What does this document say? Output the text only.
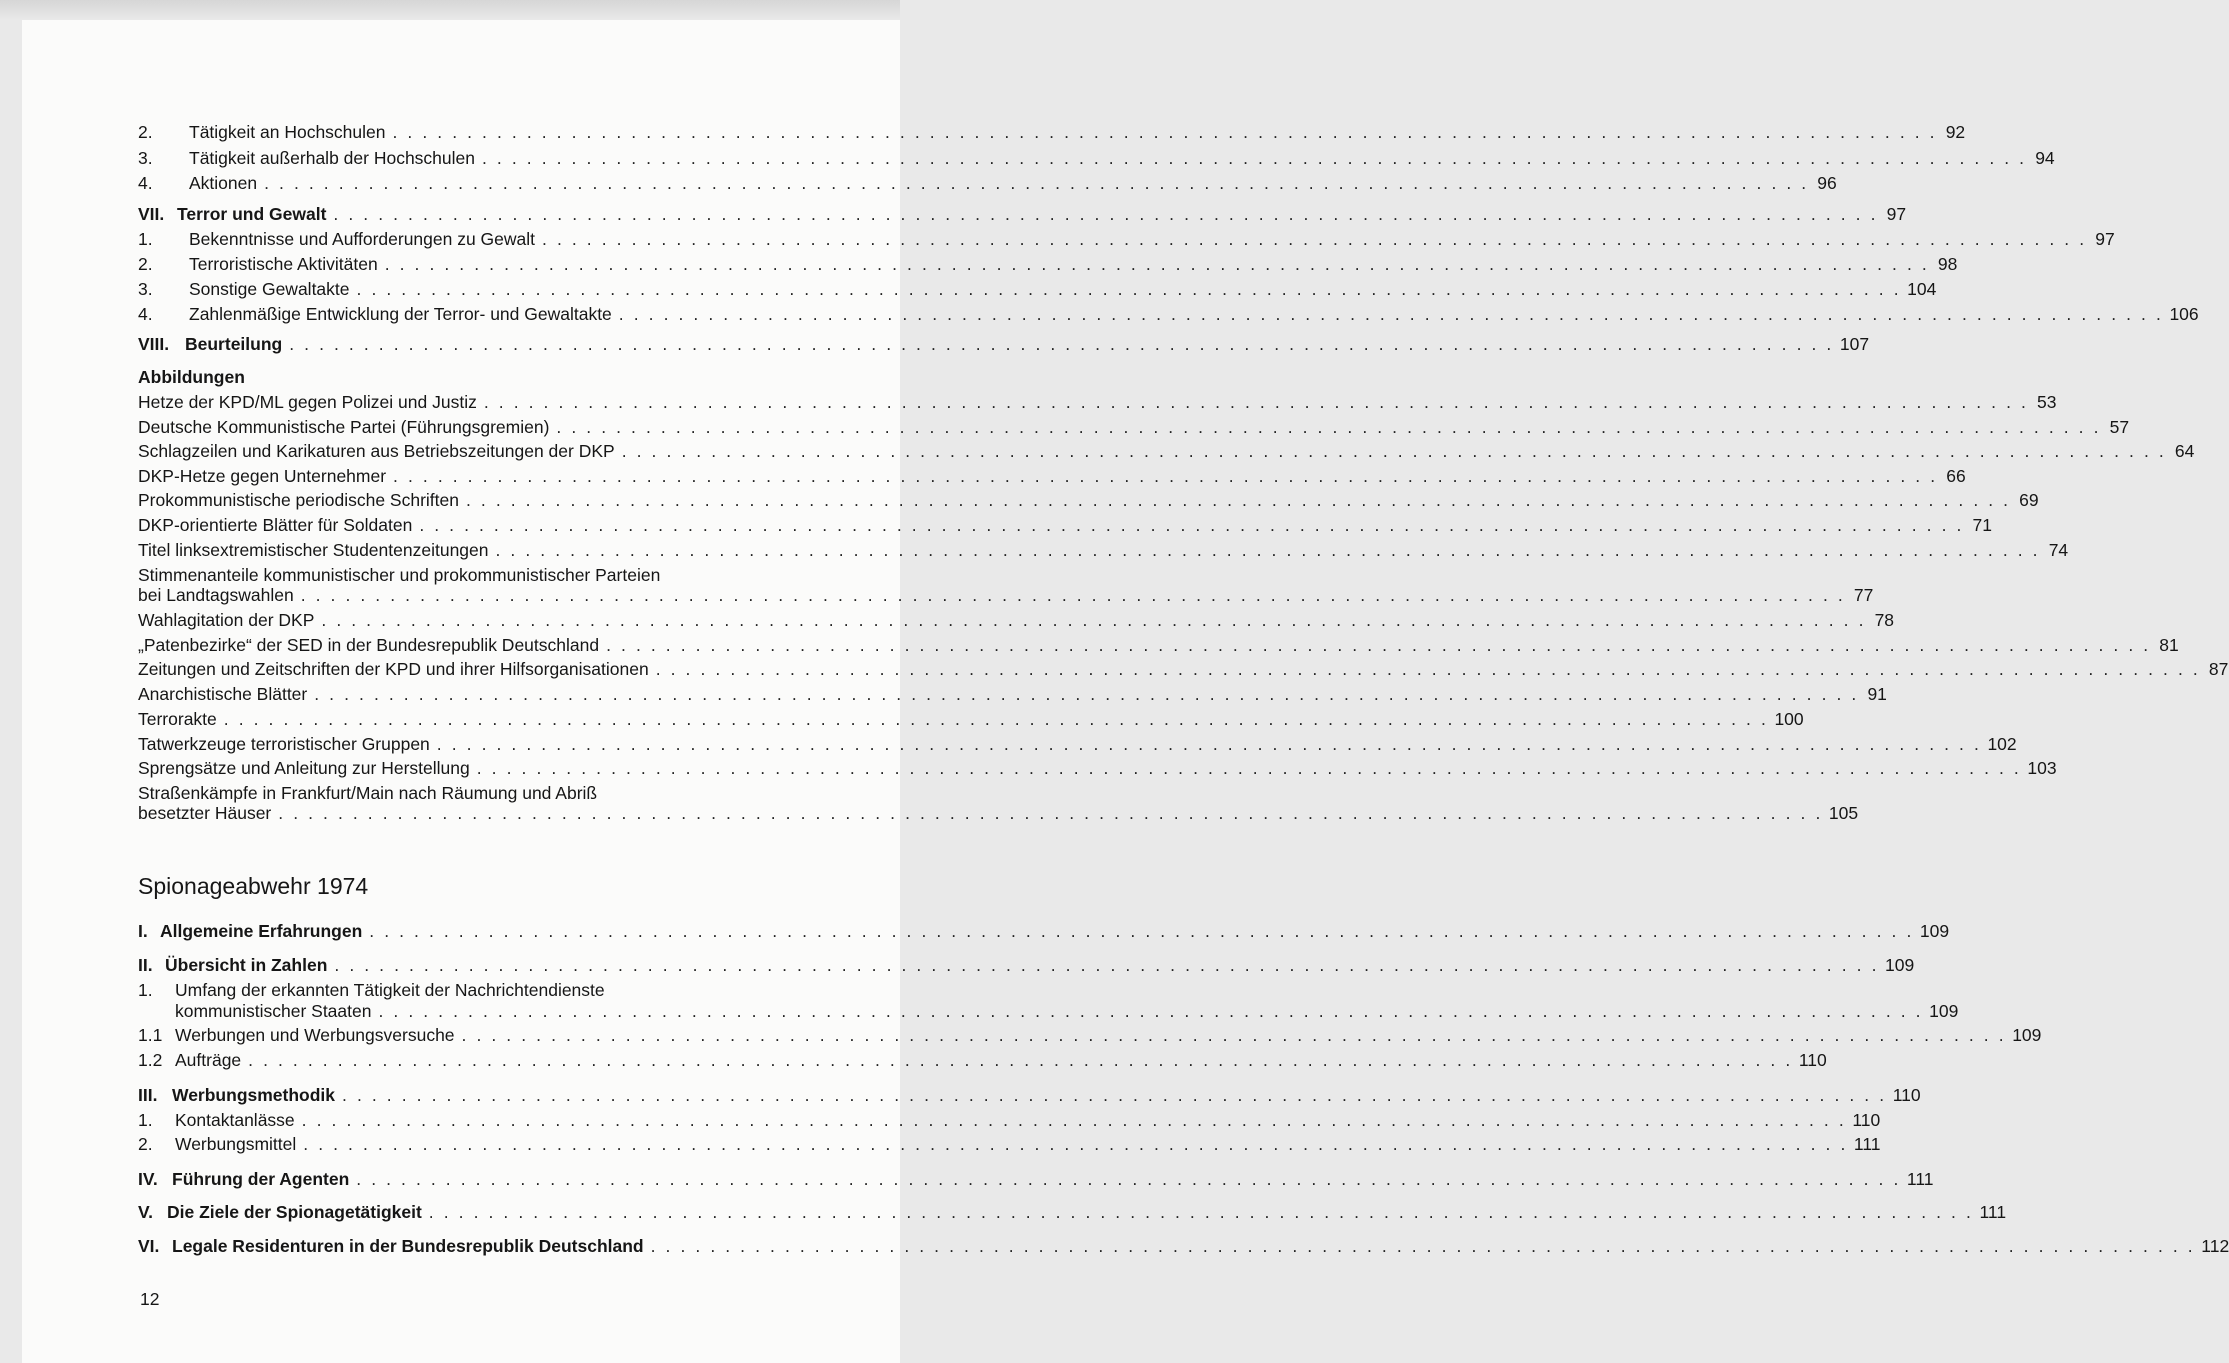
2.	Tätigkeit an Hochschulen . . . . . . . . . . . . . . . . . . . . . . . . . . . . . . . . . . . . . . . . . . . . . . . . . . . . . . . . . . . . . . . . . . . . . . . . . . . . . . . . . . . . . . . . . . . . . . . . . . . . . . . . 92
3.	Tätigkeit außerhalb der Hochschulen . . . . . . . . . . . . . . . . . . . . . . . . . . . . . . . . . . . . . . . . . . . . . . . . . . . . . . . . . . . . . . . . . . . . . . . . . . . . . . . . . . . . . . . . . . . . . . . . . . . . . . . . 94
4.	Aktionen . . . . . . . . . . . . . . . . . . . . . . . . . . . . . . . . . . . . . . . . . . . . . . . . . . . . . . . . . . . . . . . . . . . . . . . . . . . . . . . . . . . . . . . . . . . . . . . . . . . . . . . . 96
VII. Terror und Gewalt . . . . . . . . . . . . . . . . . . . . . . . . . . . . . . . . . . . . . . . . . . . . . . . . . . . . . . . . . . . . . . . . . . . . . . . . . . . . . . . . . . . . . . . . . . . . . . . . . . . . . . . . 97
1.	Bekenntnisse und Aufforderungen zu Gewalt . . . . . . . . . . . . . . . . . . . . . . . . . . . . . . . . . . . . . . . . . . . . . . . . . . . . . . . . . . . . . . . . . . . . . . . . . . . . . . . . . . . . . . . . . . . . . . . . . . . . . . . . 97
2.	Terroristische Aktivitäten . . . . . . . . . . . . . . . . . . . . . . . . . . . . . . . . . . . . . . . . . . . . . . . . . . . . . . . . . . . . . . . . . . . . . . . . . . . . . . . . . . . . . . . . . . . . . . . . . . . . . . . . 98
3.	Sonstige Gewaltakte . . . . . . . . . . . . . . . . . . . . . . . . . . . . . . . . . . . . . . . . . . . . . . . . . . . . . . . . . . . . . . . . . . . . . . . . . . . . . . . . . . . . . . . . . . . . . . . . . . . . . . . . 104
4.	Zahlenmäßige Entwicklung der Terror- und Gewaltakte . . . . . . . . . . . . . . . . . . . . . . . . . . . . . . . . . . . . . . . . . . . . . . . . . . . . . . . . . . . . . . . . . . . . . . . . . . . . . . . . . . . . . . . . . . . . . . . . . . . . . . . . 106
VIII. Beurteilung . . . . . . . . . . . . . . . . . . . . . . . . . . . . . . . . . . . . . . . . . . . . . . . . . . . . . . . . . . . . . . . . . . . . . . . . . . . . . . . . . . . . . . . . . . . . . . . . . . . . . . . . 107
Abbildungen
Hetze der KPD/ML gegen Polizei und Justiz . . . . . . . . . . . . . . . . . . . . . . . . . . . . . . . . . . . . . . . . . . . . . . . . . . . . . . . . . . . . . . . . . . . . . . . . . . . . . . . . . . . . . . . . . . . . . . . . . . . . . . . . 53
Deutsche Kommunistische Partei (Führungsgremien) . . . . . . . . . . . . . . . . . . . . . . . . . . . . . . . . . . . . . . . . . . . . . . . . . . . . . . . . . . . . . . . . . . . . . . . . . . . . . . . . . . . . . . . . . . . . . . . . . . . . . . . . 57
Schlagzeilen und Karikaturen aus Betriebszeitungen der DKP . . . . . . . . . . . . . . . . . . . . . . . . . . . . . . . . . . . . . . . . . . . . . . . . . . . . . . . . . . . . . . . . . . . . . . . . . . . . . . . . . . . . . . . . . . . . . . . . . . . . . . . . 64
DKP-Hetze gegen Unternehmer . . . . . . . . . . . . . . . . . . . . . . . . . . . . . . . . . . . . . . . . . . . . . . . . . . . . . . . . . . . . . . . . . . . . . . . . . . . . . . . . . . . . . . . . . . . . . . . . . . . . . . . . 66
Prokommunistische periodische Schriften . . . . . . . . . . . . . . . . . . . . . . . . . . . . . . . . . . . . . . . . . . . . . . . . . . . . . . . . . . . . . . . . . . . . . . . . . . . . . . . . . . . . . . . . . . . . . . . . . . . . . . . . 69
DKP-orientierte Blätter für Soldaten . . . . . . . . . . . . . . . . . . . . . . . . . . . . . . . . . . . . . . . . . . . . . . . . . . . . . . . . . . . . . . . . . . . . . . . . . . . . . . . . . . . . . . . . . . . . . . . . . . . . . . . . 71
Titel linksextremistischer Studentenzeitungen . . . . . . . . . . . . . . . . . . . . . . . . . . . . . . . . . . . . . . . . . . . . . . . . . . . . . . . . . . . . . . . . . . . . . . . . . . . . . . . . . . . . . . . . . . . . . . . . . . . . . . . . 74
Stimmenanteile kommunistischer und prokommunistischer Parteien
bei Landtagswahlen . . . . . . . . . . . . . . . . . . . . . . . . . . . . . . . . . . . . . . . . . . . . . . . . . . . . . . . . . . . . . . . . . . . . . . . . . . . . . . . . . . . . . . . . . . . . . . . . . . . . . . . . 77
Wahlagitation der DKP . . . . . . . . . . . . . . . . . . . . . . . . . . . . . . . . . . . . . . . . . . . . . . . . . . . . . . . . . . . . . . . . . . . . . . . . . . . . . . . . . . . . . . . . . . . . . . . . . . . . . . . . 78
„Patenbezirke“ der SED in der Bundesrepublik Deutschland . . . . . . . . . . . . . . . . . . . . . . . . . . . . . . . . . . . . . . . . . . . . . . . . . . . . . . . . . . . . . . . . . . . . . . . . . . . . . . . . . . . . . . . . . . . . . . . . . . . . . . . . 81
Zeitungen und Zeitschriften der KPD und ihrer Hilfsorganisationen . . . . . . . . . . . . . . . . . . . . . . . . . . . . . . . . . . . . . . . . . . . . . . . . . . . . . . . . . . . . . . . . . . . . . . . . . . . . . . . . . . . . . . . . . . . . . . . . . . . . . . . . 87
Anarchistische Blätter . . . . . . . . . . . . . . . . . . . . . . . . . . . . . . . . . . . . . . . . . . . . . . . . . . . . . . . . . . . . . . . . . . . . . . . . . . . . . . . . . . . . . . . . . . . . . . . . . . . . . . . . 91
Terrorakte . . . . . . . . . . . . . . . . . . . . . . . . . . . . . . . . . . . . . . . . . . . . . . . . . . . . . . . . . . . . . . . . . . . . . . . . . . . . . . . . . . . . . . . . . . . . . . . . . . . . . . . . 100
Tatwerkzeuge terroristischer Gruppen . . . . . . . . . . . . . . . . . . . . . . . . . . . . . . . . . . . . . . . . . . . . . . . . . . . . . . . . . . . . . . . . . . . . . . . . . . . . . . . . . . . . . . . . . . . . . . . . . . . . . . . . 102
Sprengsätze und Anleitung zur Herstellung . . . . . . . . . . . . . . . . . . . . . . . . . . . . . . . . . . . . . . . . . . . . . . . . . . . . . . . . . . . . . . . . . . . . . . . . . . . . . . . . . . . . . . . . . . . . . . . . . . . . . . . . 103
Straßenkämpfe in Frankfurt/Main nach Räumung und Abriß
besetzter Häuser . . . . . . . . . . . . . . . . . . . . . . . . . . . . . . . . . . . . . . . . . . . . . . . . . . . . . . . . . . . . . . . . . . . . . . . . . . . . . . . . . . . . . . . . . . . . . . . . . . . . . . . . 105
Spionageabwehr 1974
I. Allgemeine Erfahrungen . . . . . . . . . . . . . . . . . . . . . . . . . . . . . . . . . . . . . . . . . . . . . . . . . . . . . . . . . . . . . . . . . . . . . . . . . . . . . . . . . . . . . . . . . . . . . . . . . . . . . . . . 109
II. Übersicht in Zahlen . . . . . . . . . . . . . . . . . . . . . . . . . . . . . . . . . . . . . . . . . . . . . . . . . . . . . . . . . . . . . . . . . . . . . . . . . . . . . . . . . . . . . . . . . . . . . . . . . . . . . . . . 109
1. Umfang der erkannten Tätigkeit der Nachrichtendienste
kommunistischer Staaten . . . . . . . . . . . . . . . . . . . . . . . . . . . . . . . . . . . . . . . . . . . . . . . . . . . . . . . . . . . . . . . . . . . . . . . . . . . . . . . . . . . . . . . . . . . . . . . . . . . . . . . . 109
1.1 Werbungen und Werbungsversuche . . . . . . . . . . . . . . . . . . . . . . . . . . . . . . . . . . . . . . . . . . . . . . . . . . . . . . . . . . . . . . . . . . . . . . . . . . . . . . . . . . . . . . . . . . . . . . . . . . . . . . . . 109
1.2 Aufträge . . . . . . . . . . . . . . . . . . . . . . . . . . . . . . . . . . . . . . . . . . . . . . . . . . . . . . . . . . . . . . . . . . . . . . . . . . . . . . . . . . . . . . . . . . . . . . . . . . . . . . . . 110
III. Werbungsmethodik . . . . . . . . . . . . . . . . . . . . . . . . . . . . . . . . . . . . . . . . . . . . . . . . . . . . . . . . . . . . . . . . . . . . . . . . . . . . . . . . . . . . . . . . . . . . . . . . . . . . . . . . 110
1.	Kontaktanlässe . . . . . . . . . . . . . . . . . . . . . . . . . . . . . . . . . . . . . . . . . . . . . . . . . . . . . . . . . . . . . . . . . . . . . . . . . . . . . . . . . . . . . . . . . . . . . . . . . . . . . . . . 110
2.	Werbungsmittel . . . . . . . . . . . . . . . . . . . . . . . . . . . . . . . . . . . . . . . . . . . . . . . . . . . . . . . . . . . . . . . . . . . . . . . . . . . . . . . . . . . . . . . . . . . . . . . . . . . . . . . . 111
IV. Führung der Agenten . . . . . . . . . . . . . . . . . . . . . . . . . . . . . . . . . . . . . . . . . . . . . . . . . . . . . . . . . . . . . . . . . . . . . . . . . . . . . . . . . . . . . . . . . . . . . . . . . . . . . . . . 111
V. Die Ziele der Spionagetätigkeit . . . . . . . . . . . . . . . . . . . . . . . . . . . . . . . . . . . . . . . . . . . . . . . . . . . . . . . . . . . . . . . . . . . . . . . . . . . . . . . . . . . . . . . . . . . . . . . . . . . . . . . . 111
VI. Legale Residenturen in der Bundesrepublik Deutschland . . . . . . . . . . . . . . . . . . . . . . . . . . . . . . . . . . . . . . . . . . . . . . . . . . . . . . . . . . . . . . . . . . . . . . . . . . . . . . . . . . . . . . . . . . . . . . . . . . . . . . . . 112
12
